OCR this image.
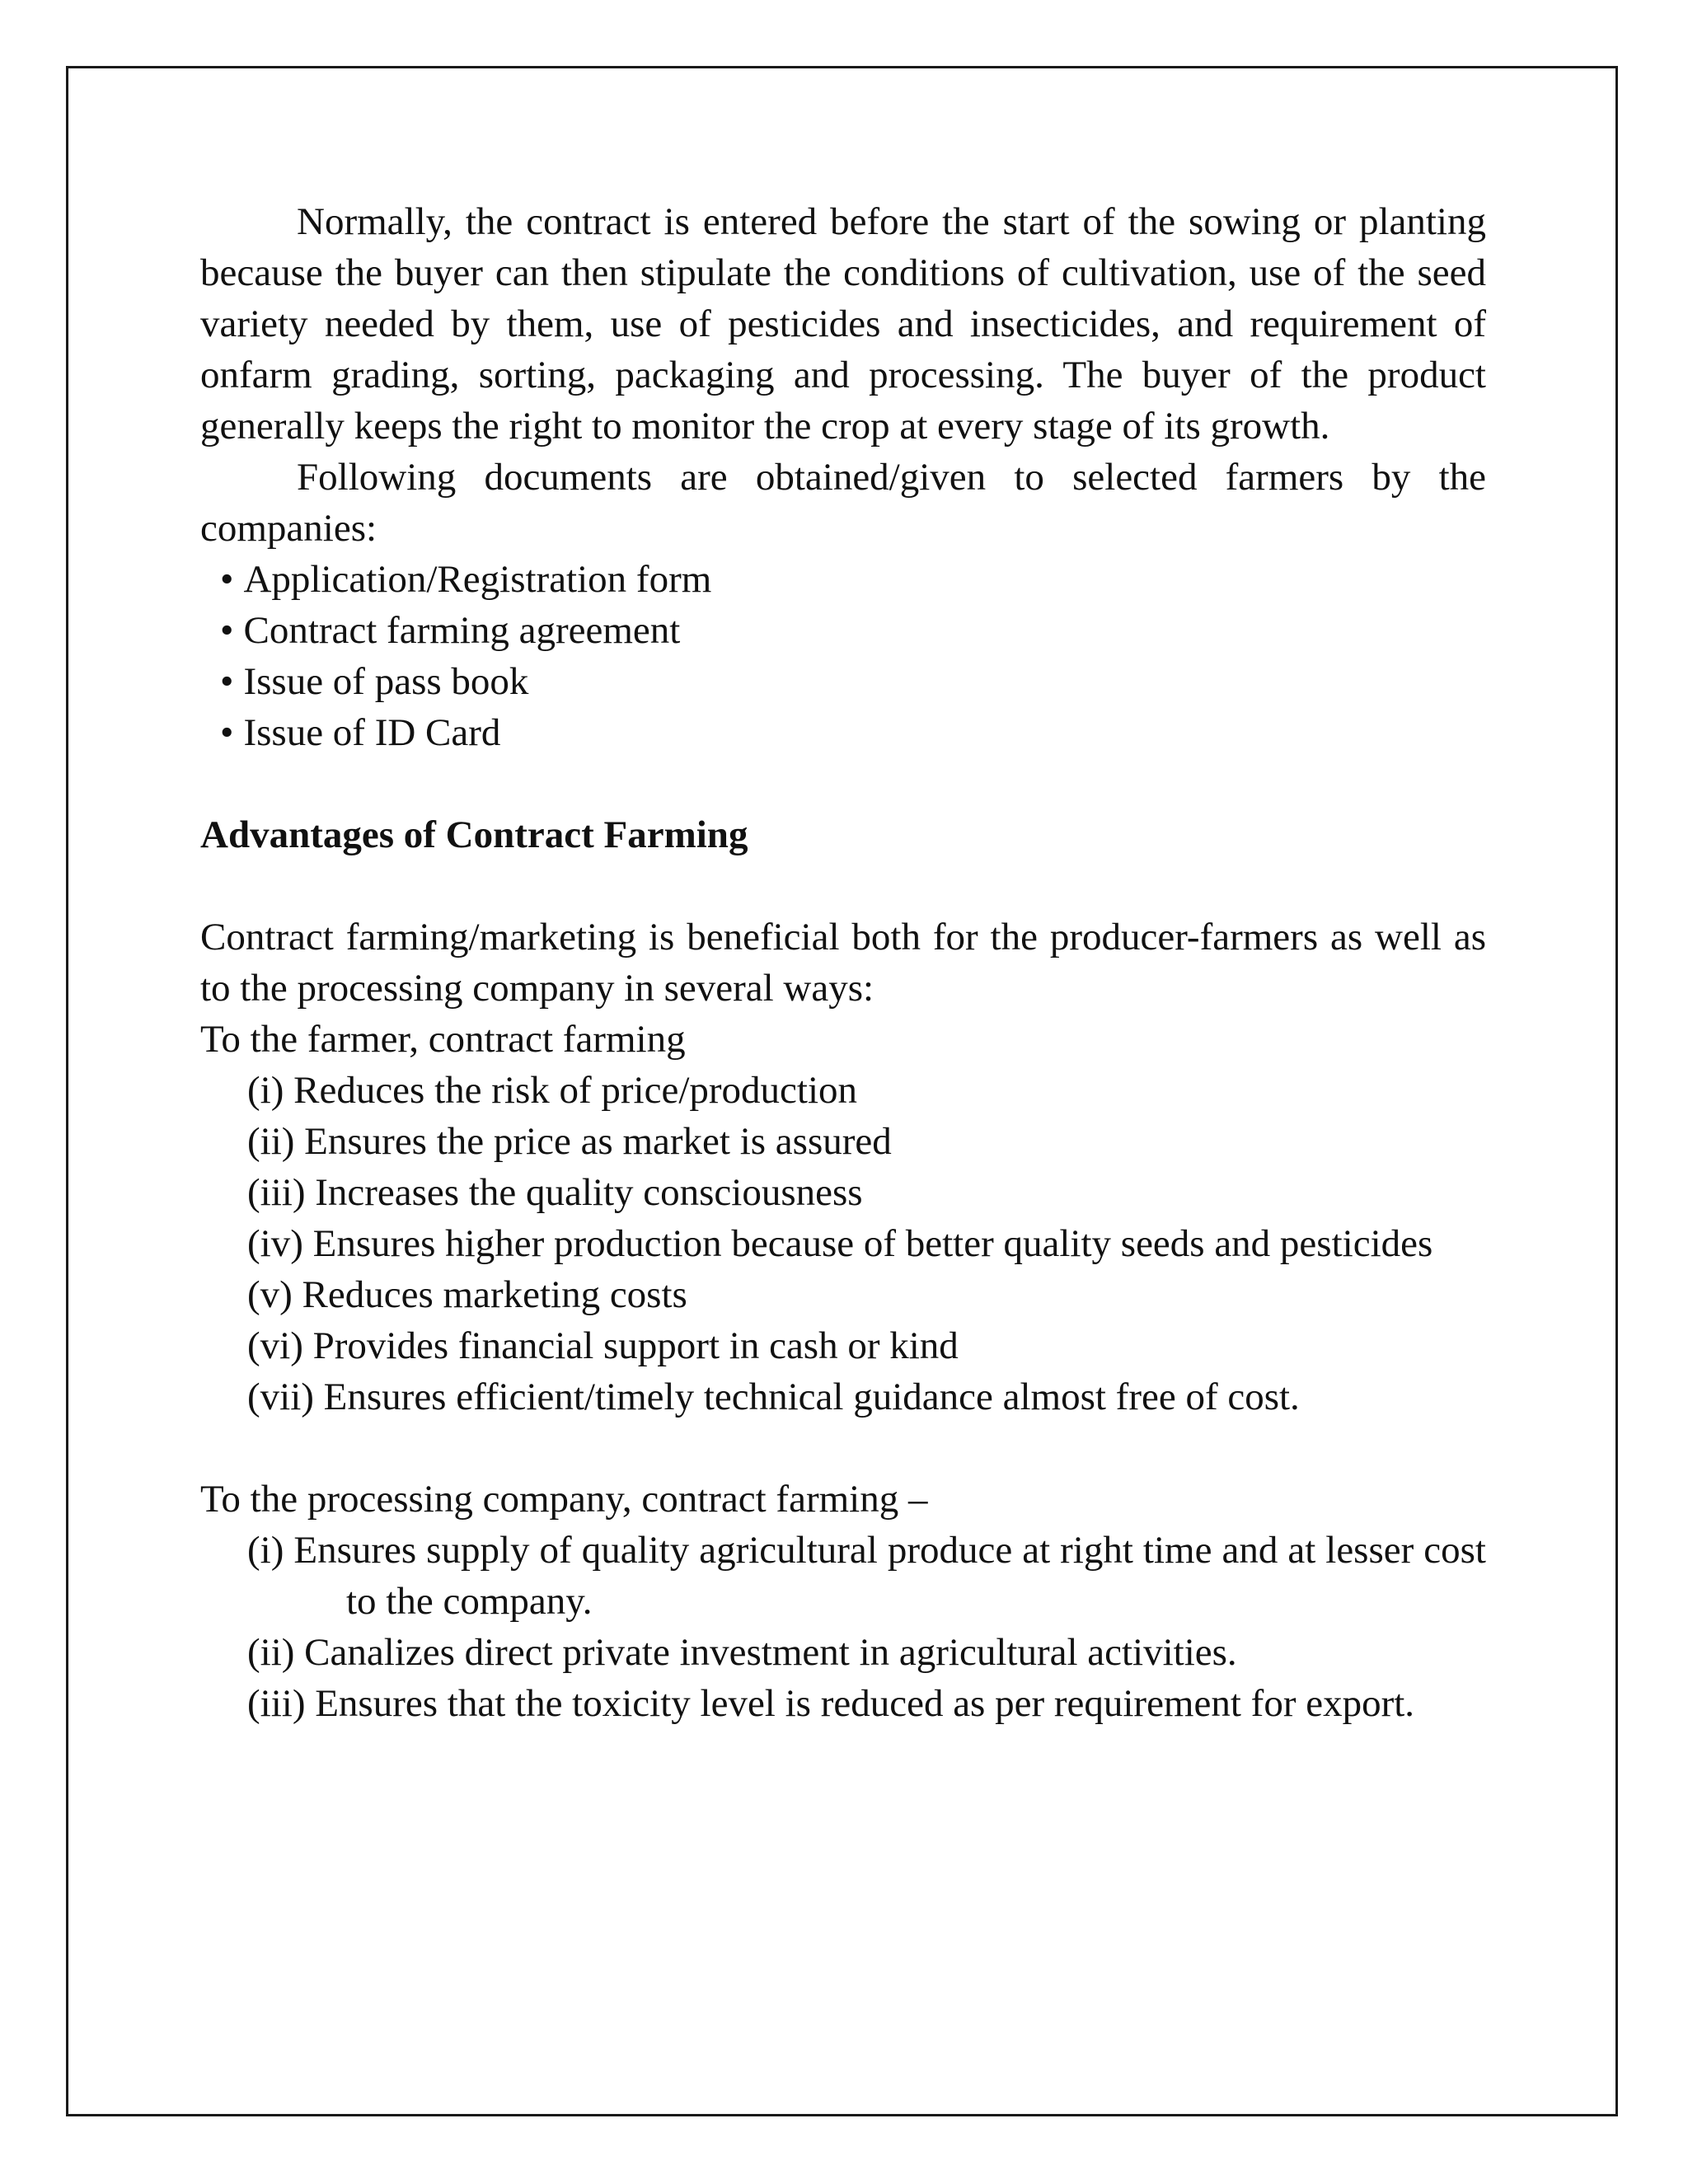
Normally, the contract is entered before the start of the sowing or planting because the buyer can then stipulate the conditions of cultivation, use of the seed variety needed by them, use of pesticides and insecticides, and requirement of onfarm grading, sorting, packaging and processing. The buyer of the product generally keeps the right to monitor the crop at every stage of its growth.

Following documents are obtained/given to selected farmers by the companies:

• Application/Registration form
• Contract farming agreement
• Issue of pass book
• Issue of ID Card

Advantages of Contract Farming

Contract farming/marketing is beneficial both for the producer-farmers as well as to the processing company in several ways:

To the farmer, contract farming

(i) Reduces the risk of price/production
(ii) Ensures the price as market is assured
(iii) Increases the quality consciousness
(iv) Ensures higher production because of better quality seeds and pesticides
(v) Reduces marketing costs
(vi) Provides financial support in cash or kind
(vii) Ensures efficient/timely technical guidance almost free of cost.

To the processing company, contract farming –

(i) Ensures supply of quality agricultural produce at right time and at lesser cost to the company.
(ii) Canalizes direct private investment in agricultural activities.
(iii) Ensures that the toxicity level is reduced as per requirement for export.
